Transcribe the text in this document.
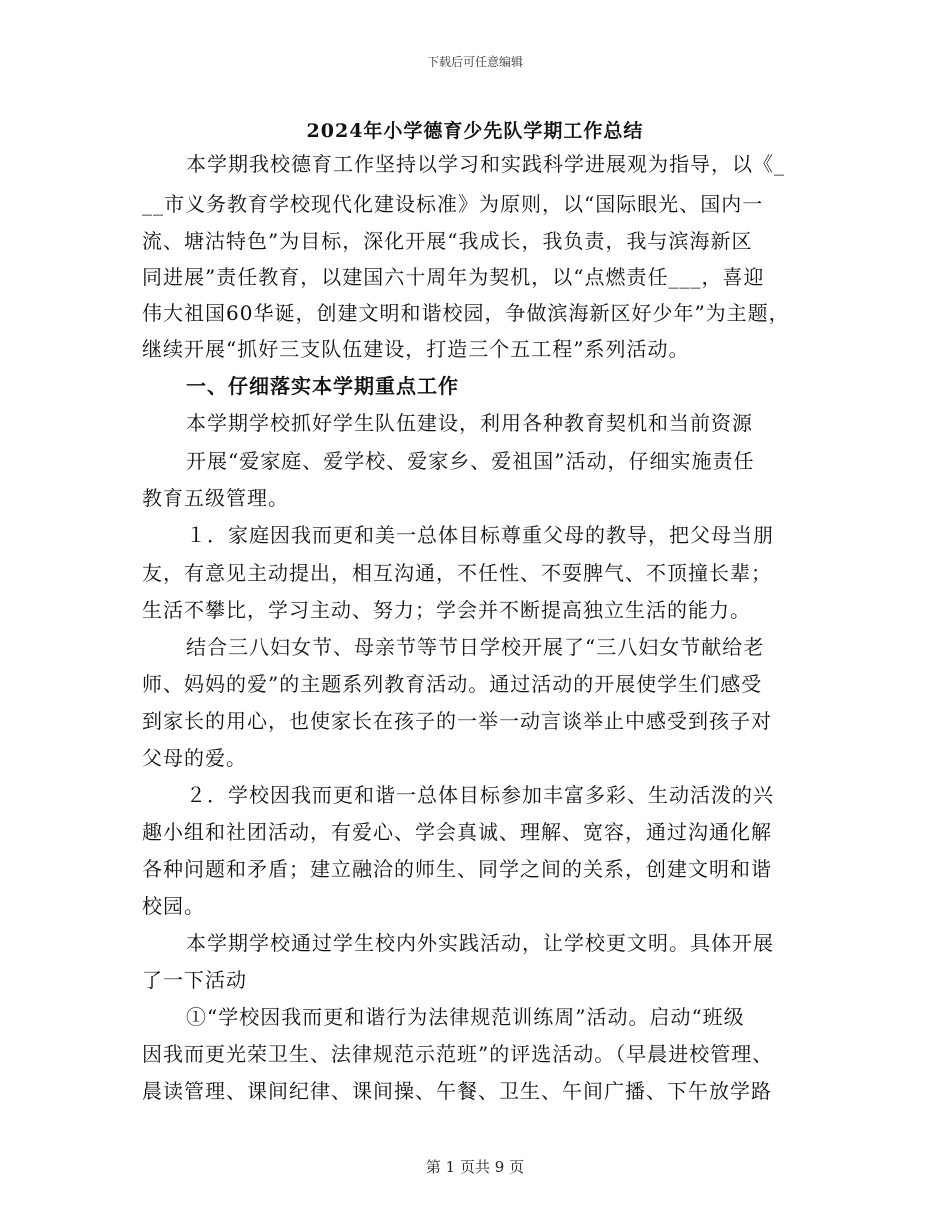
下载后可任意编辑
2024年小学德育少先队学期工作总结
本学期我校德育工作坚持以学习和实践科学进展观为指导，以《_
__市义务教育学校现代化建设标准》为原则，以“国际眼光、国内一
流、塘沽特色”为目标，深化开展“我成长，我负责，我与滨海新区
同进展”责任教育，以建国六十周年为契机，以“点燃责任___，喜迎
伟大祖国60华诞，创建文明和谐校园，争做滨海新区好少年”为主题，
继续开展“抓好三支队伍建设，打造三个五工程”系列活动。
一、仔细落实本学期重点工作
本学期学校抓好学生队伍建设，利用各种教育契机和当前资源
开展“爱家庭、爱学校、爱家乡、爱祖国”活动，仔细实施责任
教育五级管理。
１．家庭因我而更和美一总体目标尊重父母的教导，把父母当朋
友，有意见主动提出，相互沟通，不任性、不耍脾气、不顶撞长辈；
生活不攀比，学习主动、努力；学会并不断提高独立生活的能力。
结合三八妇女节、母亲节等节日学校开展了“三八妇女节献给老
师、妈妈的爱”的主题系列教育活动。通过活动的开展使学生们感受
到家长的用心，也使家长在孩子的一举一动言谈举止中感受到孩子对
父母的爱。
２．学校因我而更和谐一总体目标参加丰富多彩、生动活泼的兴
趣小组和社团活动，有爱心、学会真诚、理解、宽容，通过沟通化解
各种问题和矛盾；建立融洽的师生、同学之间的关系，创建文明和谐
校园。
本学期学校通过学生校内外实践活动，让学校更文明。具体开展
了一下活动
①“学校因我而更和谐行为法律规范训练周”活动。启动“班级
因我而更光荣卫生、法律规范示范班”的评选活动。（早晨进校管理、
晨读管理、课间纪律、课间操、午餐、卫生、午间广播、下午放学路
第 1 页共 9 页
